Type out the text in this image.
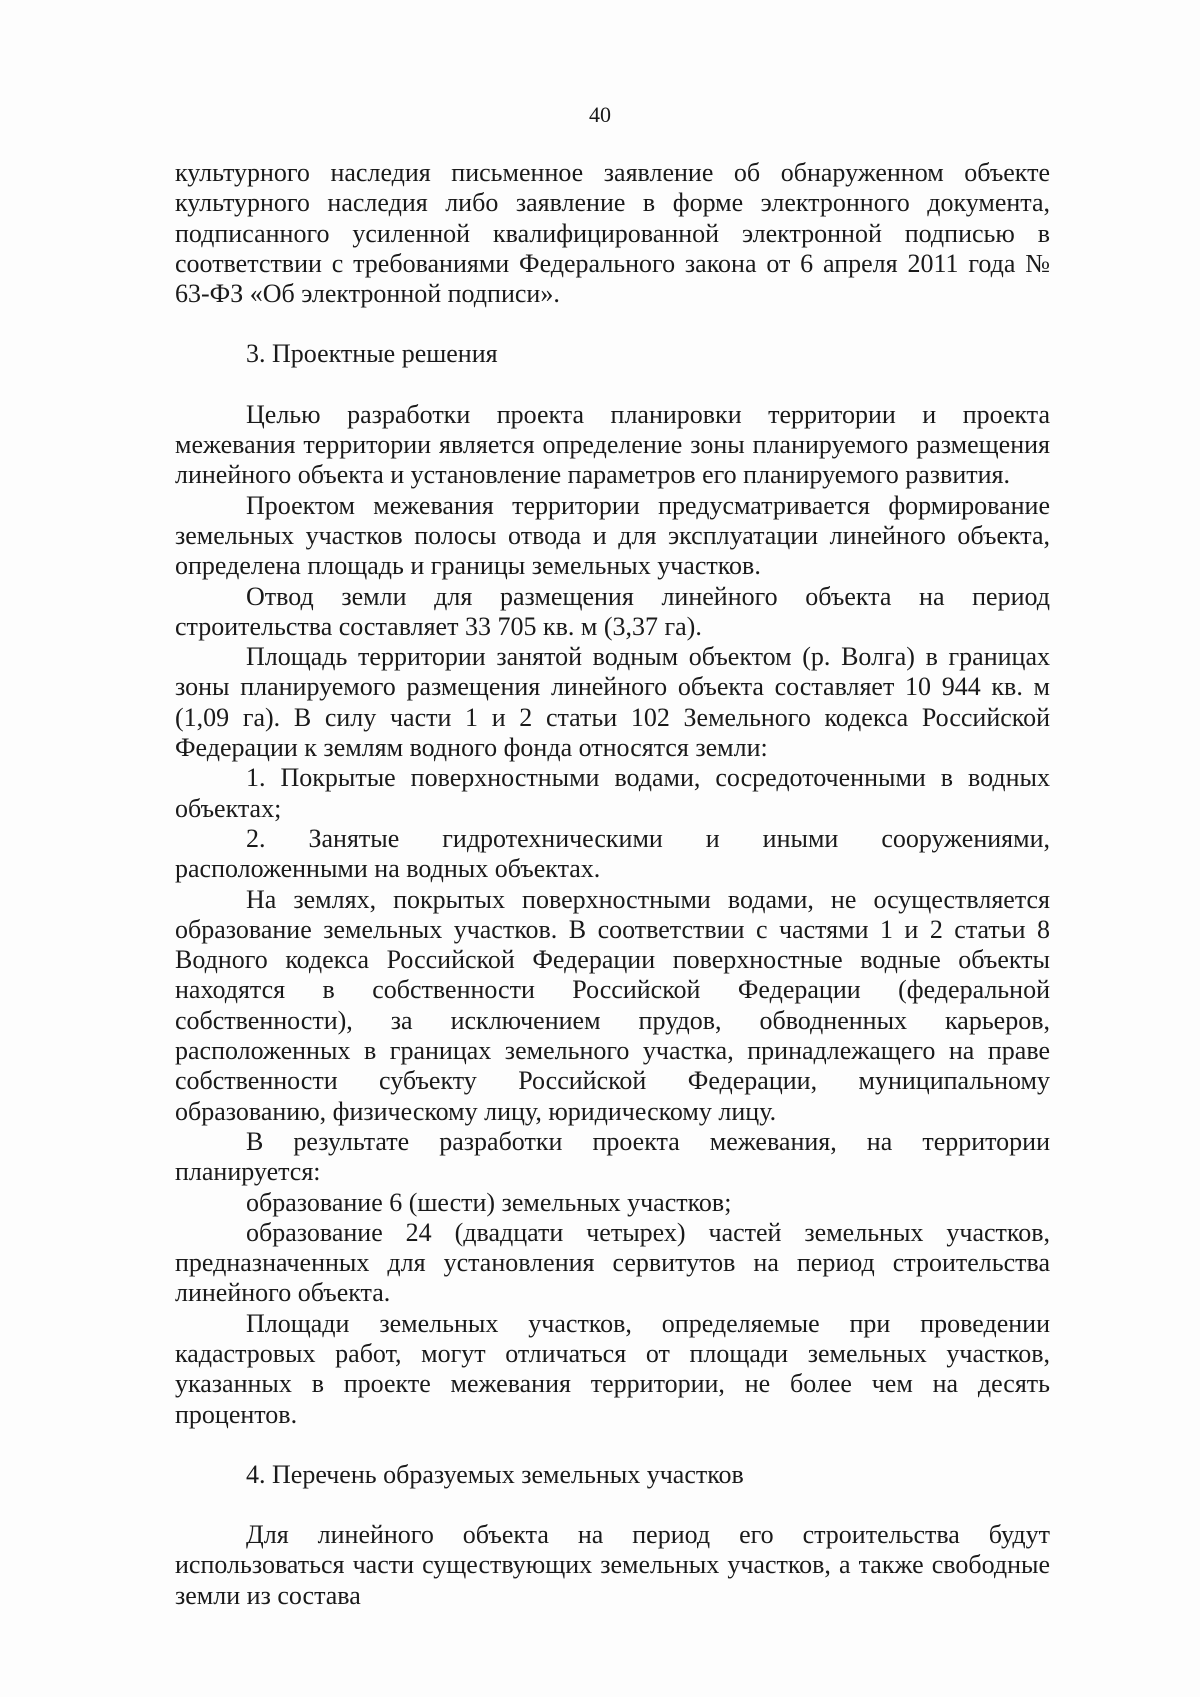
40

культурного наследия письменное заявление об обнаруженном объекте культурного наследия либо заявление в форме электронного документа, подписанного усиленной квалифицированной электронной подписью в соответствии с требованиями Федерального закона от 6 апреля 2011 года № 63-ФЗ «Об электронной подписи».

3. Проектные решения

Целью разработки проекта планировки территории и проекта межевания территории является определение зоны планируемого размещения линейного объекта и установление параметров его планируемого развития.

Проектом межевания территории предусматривается формирование земельных участков полосы отвода и для эксплуатации линейного объекта, определена площадь и границы земельных участков.

Отвод земли для размещения линейного объекта на период строительства составляет 33 705 кв. м (3,37 га).

Площадь территории занятой водным объектом (р. Волга) в границах зоны планируемого размещения линейного объекта составляет 10 944 кв. м (1,09 га). В силу части 1 и 2 статьи 102 Земельного кодекса Российской Федерации к землям водного фонда относятся земли:

1. Покрытые поверхностными водами, сосредоточенными в водных объектах;

2. Занятые гидротехническими и иными сооружениями, расположенными на водных объектах.

На землях, покрытых поверхностными водами, не осуществляется образование земельных участков. В соответствии с частями 1 и 2 статьи 8 Водного кодекса Российской Федерации поверхностные водные объекты находятся в собственности Российской Федерации (федеральной собственности), за исключением прудов, обводненных карьеров, расположенных в границах земельного участка, принадлежащего на праве собственности субъекту Российской Федерации, муниципальному образованию, физическому лицу, юридическому лицу.

В результате разработки проекта межевания, на территории планируется:

образование 6 (шести) земельных участков;

образование 24 (двадцати четырех) частей земельных участков, предназначенных для установления сервитутов на период строительства линейного объекта.

Площади земельных участков, определяемые при проведении кадастровых работ, могут отличаться от площади земельных участков, указанных в проекте межевания территории, не более чем на десять процентов.

4. Перечень образуемых земельных участков

Для линейного объекта на период его строительства будут использоваться части существующих земельных участков, а также свободные земли из состава
